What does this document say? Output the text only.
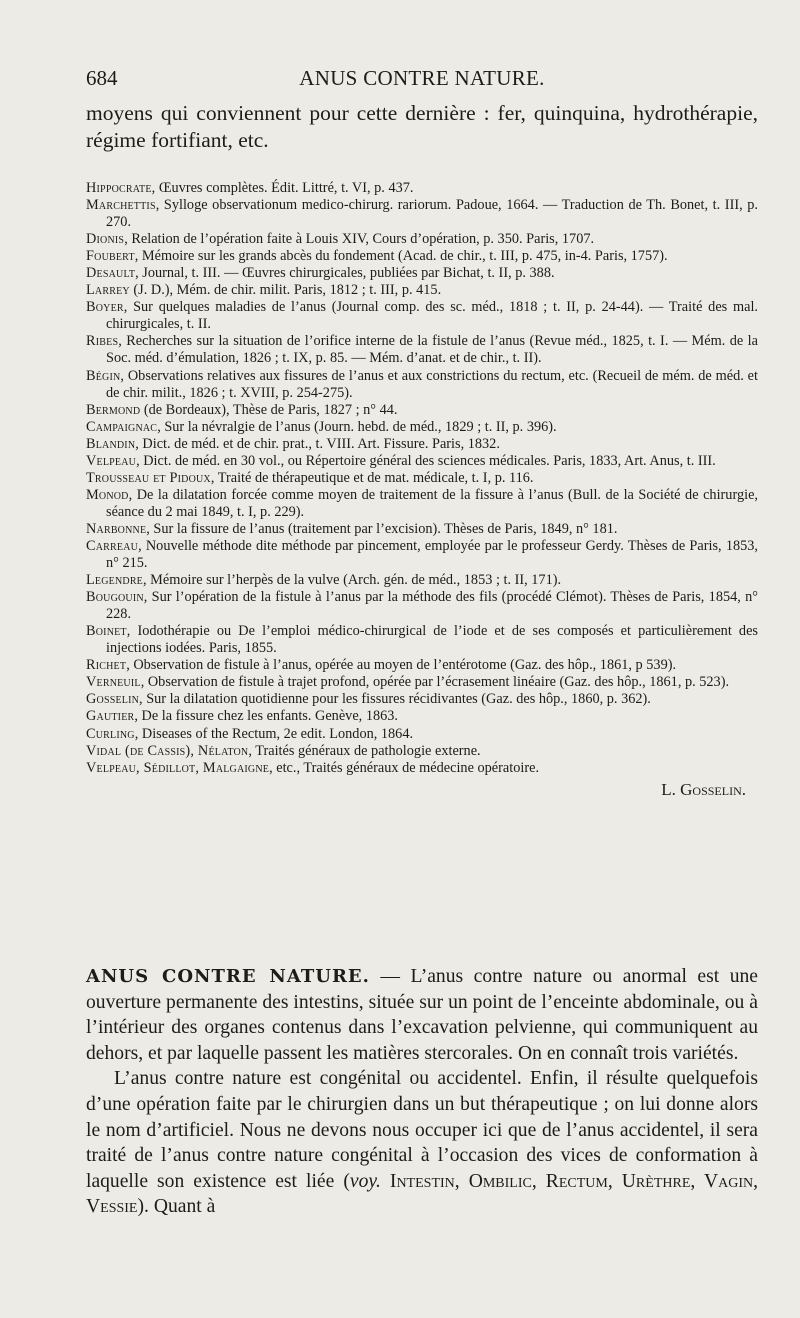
684	ANUS CONTRE NATURE.
moyens qui conviennent pour cette dernière : fer, quinquina, hydrothérapie, régime fortifiant, etc.
Hippocrate, Œuvres complètes. Édit. Littré, t. VI, p. 437.
Marchettis, Sylloge observationum medico-chirurg. rariorum. Padoue, 1664. — Traduction de Th. Bonet, t. III, p. 270.
Dionis, Relation de l’opération faite à Louis XIV, Cours d’opération, p. 350. Paris, 1707.
Foubert, Mémoire sur les grands abcès du fondement (Acad. de chir., t. III, p. 475, in-4. Paris, 1757).
Desault, Journal, t. III. — Œuvres chirurgicales, publiées par Bichat, t. II, p. 388.
Larrey (J. D.), Mém. de chir. milit. Paris, 1812 ; t. III, p. 415.
Boyer, Sur quelques maladies de l’anus (Journal comp. des sc. méd., 1818 ; t. II, p. 24-44). — Traité des mal. chirurgicales, t. II.
Ribes, Recherches sur la situation de l’orifice interne de la fistule de l’anus (Revue méd., 1825, t. I. — Mém. de la Soc. méd. d’émulation, 1826 ; t. IX, p. 85. — Mém. d’anat. et de chir., t. II).
Bégin, Observations relatives aux fissures de l’anus et aux constrictions du rectum, etc. (Recueil de mém. de méd. et de chir. milit., 1826 ; t. XVIII, p. 254-275).
Bermond (de Bordeaux), Thèse de Paris, 1827 ; n° 44.
Campaignac, Sur la névralgie de l’anus (Journ. hebd. de méd., 1829 ; t. II, p. 396).
Blandin, Dict. de méd. et de chir. prat., t. VIII. Art. Fissure. Paris, 1832.
Velpeau, Dict. de méd. en 30 vol., ou Répertoire général des sciences médicales. Paris, 1833, Art. Anus, t. III.
Trousseau et Pidoux, Traité de thérapeutique et de mat. médicale, t. I, p. 116.
Monod, De la dilatation forcée comme moyen de traitement de la fissure à l’anus (Bull. de la Société de chirurgie, séance du 2 mai 1849, t. I, p. 229).
Narbonne, Sur la fissure de l’anus (traitement par l’excision). Thèses de Paris, 1849, n° 181.
Carreau, Nouvelle méthode dite méthode par pincement, employée par le professeur Gerdy. Thèses de Paris, 1853, n° 215.
Legendre, Mémoire sur l’herpès de la vulve (Arch. gén. de méd., 1853 ; t. II, 171).
Bougouin, Sur l’opération de la fistule à l’anus par la méthode des fils (procédé Clémot). Thèses de Paris, 1854, n° 228.
Boinet, Iodothérapie ou De l’emploi médico-chirurgical de l’iode et de ses composés et particulièrement des injections iodées. Paris, 1855.
Richet, Observation de fistule à l’anus, opérée au moyen de l’entérotome (Gaz. des hôp., 1861, p 539).
Verneuil, Observation de fistule à trajet profond, opérée par l’écrasement linéaire (Gaz. des hôp., 1861, p. 523).
Gosselin, Sur la dilatation quotidienne pour les fissures récidivantes (Gaz. des hôp., 1860, p. 362).
Gautier, De la fissure chez les enfants. Genève, 1863.
Curling, Diseases of the Rectum, 2e edit. London, 1864.
Vidal (de Cassis), Nélaton, Traités généraux de pathologie externe.
Velpeau, Sédillot, Malgaigne, etc., Traités généraux de médecine opératoire.
L. Gosselin.

ANUS CONTRE NATURE. — L’anus contre nature ou anormal est une ouverture permanente des intestins, située sur un point de l’enceinte abdominale, ou à l’intérieur des organes contenus dans l’excavation pelvienne, qui communiquent au dehors, et par laquelle passent les matières stercorales. On en connaît trois variétés.

L’anus contre nature est congénital ou accidentel. Enfin, il résulte quelquefois d’une opération faite par le chirurgien dans un but thérapeutique ; on lui donne alors le nom d’artificiel. Nous ne devons nous occuper ici que de l’anus accidentel, il sera traité de l’anus contre nature congénital à l’occasion des vices de conformation à laquelle son existence est liée (voy. Intestin, Ombilic, Rectum, Urèthre, Vagin, Vessie). Quant à
